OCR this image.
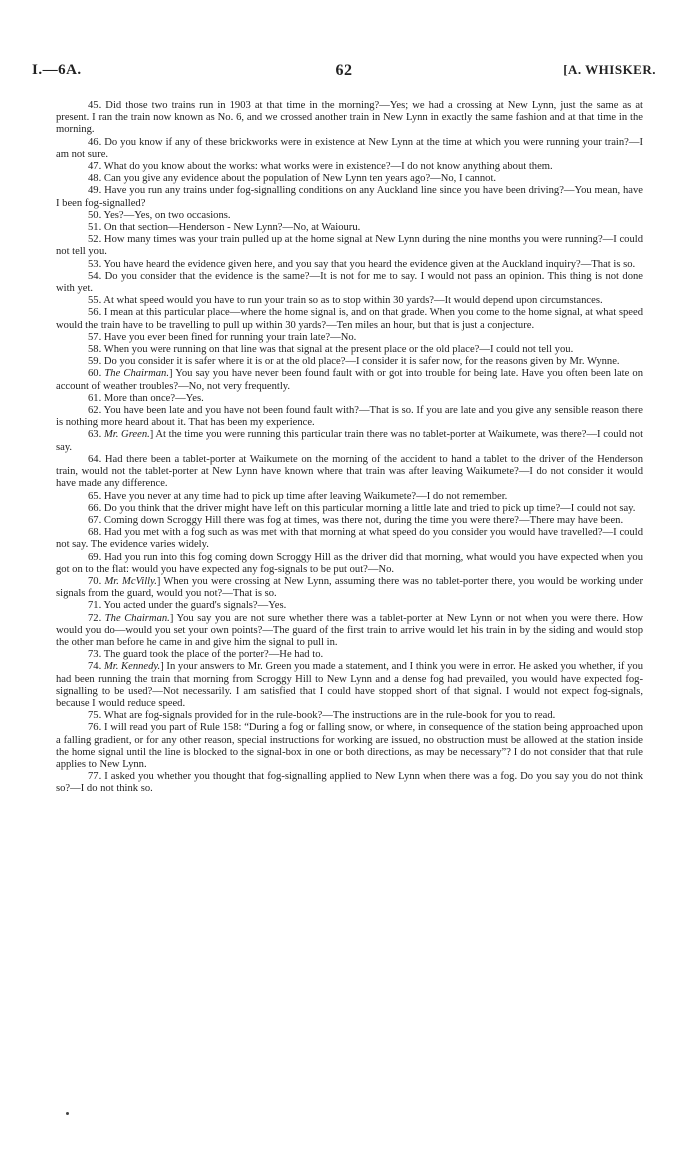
I.—6A.	62	[A. WHISKER.

45. Did those two trains run in 1903 at that time in the morning?—Yes; we had a crossing at New Lynn, just the same as at present. I ran the train now known as No. 6, and we crossed another train in New Lynn in exactly the same fashion and at that time in the morning.

46. Do you know if any of these brickworks were in existence at New Lynn at the time at which you were running your train?—I am not sure.

47. What do you know about the works: what works were in existence?—I do not know anything about them.

48. Can you give any evidence about the population of New Lynn ten years ago?—No, I cannot.

49. Have you run any trains under fog-signalling conditions on any Auckland line since you have been driving?—You mean, have I been fog-signalled?

50. Yes?—Yes, on two occasions.

51. On that section—Henderson - New Lynn?—No, at Waiouru.

52. How many times was your train pulled up at the home signal at New Lynn during the nine months you were running?—I could not tell you.

53. You have heard the evidence given here, and you say that you heard the evidence given at the Auckland inquiry?—That is so.

54. Do you consider that the evidence is the same?—It is not for me to say. I would not pass an opinion. This thing is not done with yet.

55. At what speed would you have to run your train so as to stop within 30 yards?—It would depend upon circumstances.

56. I mean at this particular place—where the home signal is, and on that grade. When you come to the home signal, at what speed would the train have to be travelling to pull up within 30 yards?—Ten miles an hour, but that is just a conjecture.

57. Have you ever been fined for running your train late?—No.

58. When you were running on that line was that signal at the present place or the old place?—I could not tell you.

59. Do you consider it is safer where it is or at the old place?—I consider it is safer now, for the reasons given by Mr. Wynne.

60. The Chairman.] You say you have never been found fault with or got into trouble for being late. Have you often been late on account of weather troubles?—No, not very frequently.

61. More than once?—Yes.

62. You have been late and you have not been found fault with?—That is so. If you are late and you give any sensible reason there is nothing more heard about it. That has been my experience.

63. Mr. Green.] At the time you were running this particular train there was no tablet-porter at Waikumete, was there?—I could not say.

64. Had there been a tablet-porter at Waikumete on the morning of the accident to hand a tablet to the driver of the Henderson train, would not the tablet-porter at New Lynn have known where that train was after leaving Waikumete?—I do not consider it would have made any difference.

65. Have you never at any time had to pick up time after leaving Waikumete?—I do not remember.

66. Do you think that the driver might have left on this particular morning a little late and tried to pick up time?—I could not say.

67. Coming down Scroggy Hill there was fog at times, was there not, during the time you were there?—There may have been.

68. Had you met with a fog such as was met with that morning at what speed do you consider you would have travelled?—I could not say. The evidence varies widely.

69. Had you run into this fog coming down Scroggy Hill as the driver did that morning, what would you have expected when you got on to the flat: would you have expected any fog-signals to be put out?—No.

70. Mr. McVilly.] When you were crossing at New Lynn, assuming there was no tablet-porter there, you would be working under signals from the guard, would you not?—That is so.

71. You acted under the guard's signals?—Yes.

72. The Chairman.] You say you are not sure whether there was a tablet-porter at New Lynn or not when you were there. How would you do—would you set your own points?—The guard of the first train to arrive would let his train in by the siding and would stop the other man before he came in and give him the signal to pull in.

73. The guard took the place of the porter?—He had to.

74. Mr. Kennedy.] In your answers to Mr. Green you made a statement, and I think you were in error. He asked you whether, if you had been running the train that morning from Scroggy Hill to New Lynn and a dense fog had prevailed, you would have expected fog-signalling to be used?—Not necessarily. I am satisfied that I could have stopped short of that signal. I would not expect fog-signals, because I would reduce speed.

75. What are fog-signals provided for in the rule-book?—The instructions are in the rule-book for you to read.

76. I will read you part of Rule 158: “During a fog or falling snow, or where, in consequence of the station being approached upon a falling gradient, or for any other reason, special instructions for working are issued, no obstruction must be allowed at the station inside the home signal until the line is blocked to the signal-box in one or both directions, as may be necessary”? I do not consider that that rule applies to New Lynn.

77. I asked you whether you thought that fog-signalling applied to New Lynn when there was a fog. Do you say you do not think so?—I do not think so.
